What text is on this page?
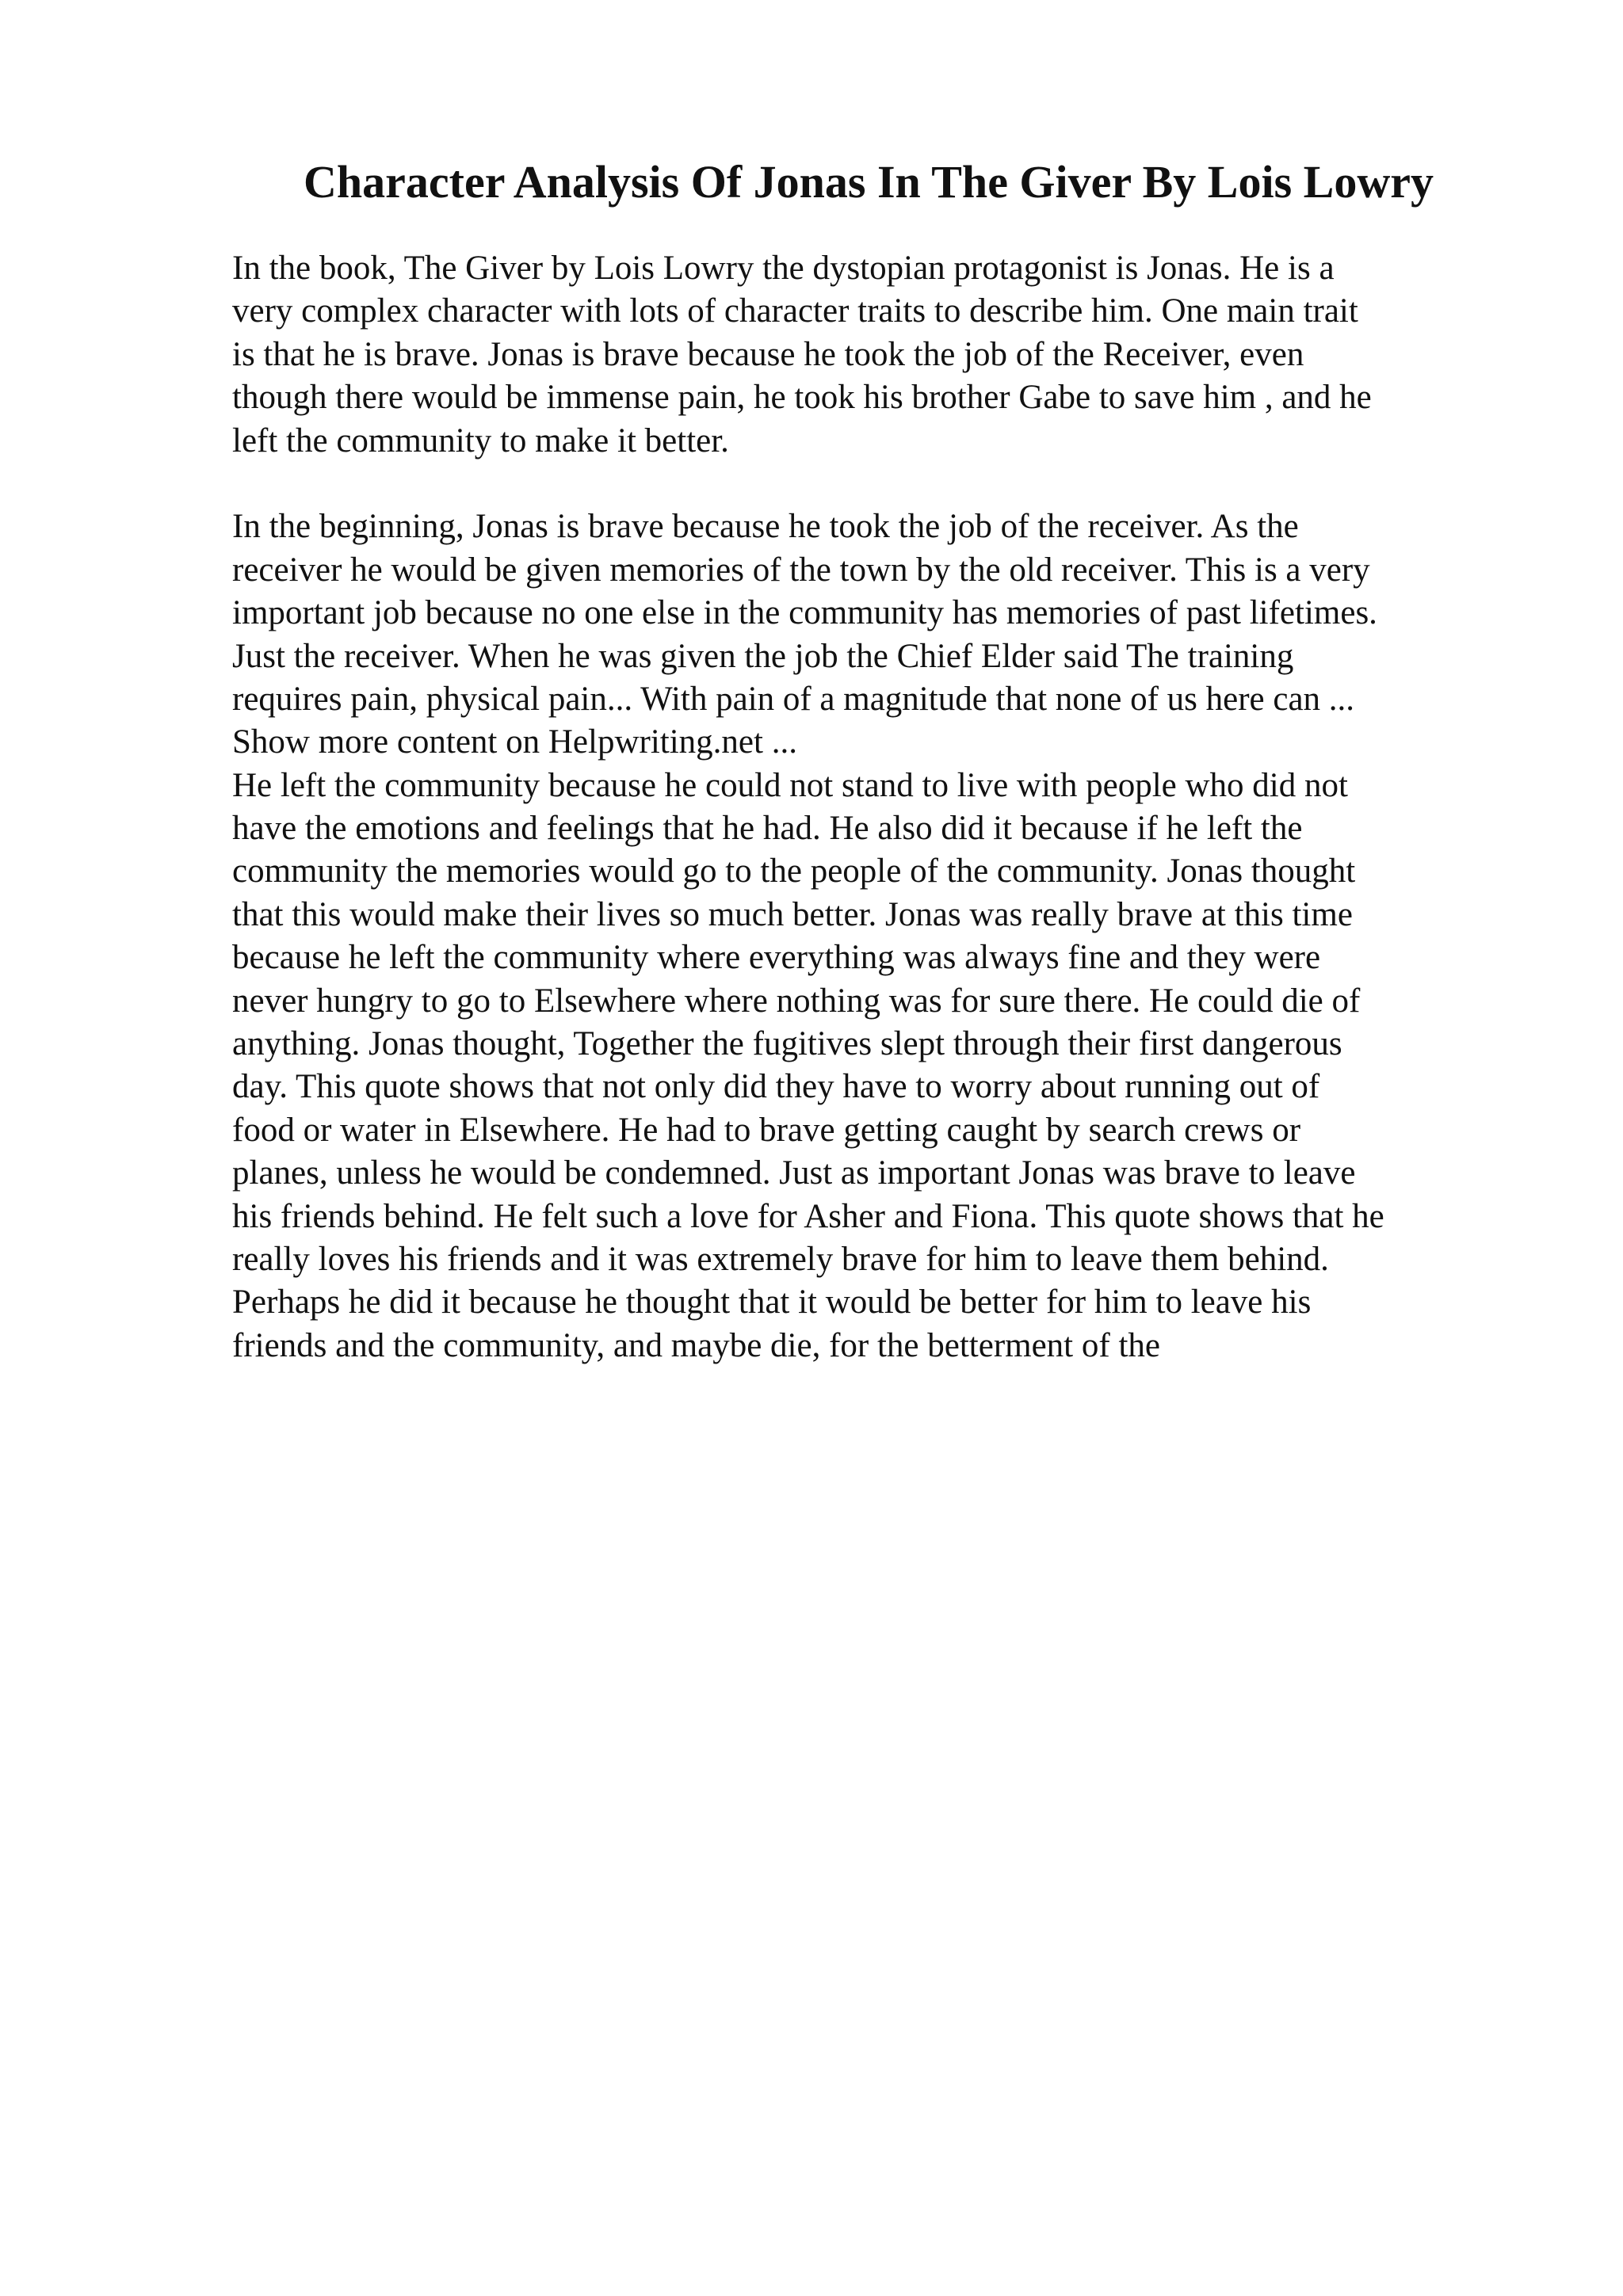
Character Analysis Of Jonas In The Giver By Lois Lowry
In the book, The Giver by Lois Lowry the dystopian protagonist is Jonas. He is a
very complex character with lots of character traits to describe him. One main trait
is that he is brave. Jonas is brave because he took the job of the Receiver, even
though there would be immense pain, he took his brother Gabe to save him , and he
left the community to make it better.
In the beginning, Jonas is brave because he took the job of the receiver. As the
receiver he would be given memories of the town by the old receiver. This is a very
important job because no one else in the community has memories of past lifetimes.
Just the receiver. When he was given the job the Chief Elder said The training
requires pain, physical pain... With pain of a magnitude that none of us here can ...
Show more content on Helpwriting.net ...
He left the community because he could not stand to live with people who did not
have the emotions and feelings that he had. He also did it because if he left the
community the memories would go to the people of the community. Jonas thought
that this would make their lives so much better. Jonas was really brave at this time
because he left the community where everything was always fine and they were
never hungry to go to Elsewhere where nothing was for sure there. He could die of
anything. Jonas thought, Together the fugitives slept through their first dangerous
day. This quote shows that not only did they have to worry about running out of
food or water in Elsewhere. He had to brave getting caught by search crews or
planes, unless he would be condemned. Just as important Jonas was brave to leave
his friends behind. He felt such a love for Asher and Fiona. This quote shows that he
really loves his friends and it was extremely brave for him to leave them behind.
Perhaps he did it because he thought that it would be better for him to leave his
friends and the community, and maybe die, for the betterment of the
